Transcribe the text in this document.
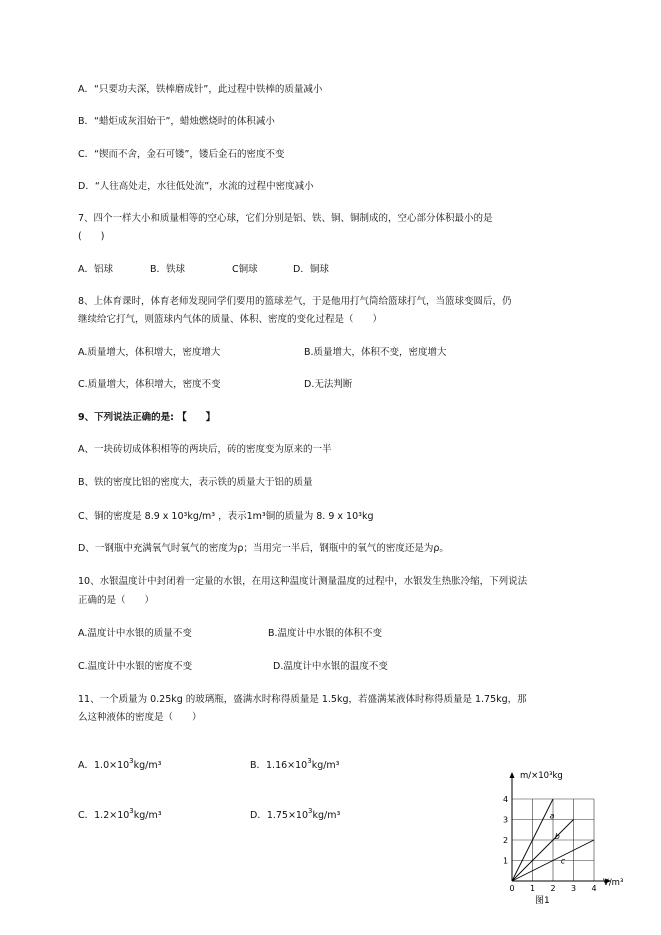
A．“只要功夫深，铁棒磨成针”，此过程中铁棒的质量减小
B．“蜡炬成灰泪始干”，蜡烛燃烧时的体积减小
C．“锲而不舍，金石可镂”，镂后金石的密度不变
D．“人往高处走，水往低处流”，水流的过程中密度减小
7、四个一样大小和质量相等的空心球，它们分别是铝、铁、铜、铜制成的，空心部分体积最小的是
(　　)
A．铝球	B．铁球	C铜球	D．铜球
8、上体育课时，体育老师发现同学们要用的篮球差气，于是他用打气筒给篮球打气，当篮球变圆后，仍
继续给它打气，则篮球内气体的质量、体积、密度的变化过程是（　　）
A.质量增大，体积增大，密度增大	B.质量增大，体积不变，密度增大
C.质量增大，体积增大，密度不变	D.无法判断
9、下列说法正确的是: 【　　】
A、一块砖切成体积相等的两块后，砖的密度变为原来的一半
B、铁的密度比铝的密度大，表示铁的质量大于铝的质量
C、铜的密度是 8.9 x 10³kg/m³ ，表示1m³铜的质量为 8. 9 x 10³kg
D、一钢瓶中充满氧气时氧气的密度为ρ；当用完一半后，钢瓶中的氧气的密度还是为ρ。
10、水银温度计中封闭着一定量的水银，在用这种温度计测量温度的过程中，水银发生热胀冷缩，下列说法
正确的是（　　）
A.温度计中水银的质量不变	B.温度计中水银的体积不变
C.温度计中水银的密度不变	D.温度计中水银的温度不变
11、一个质量为 0.25kg 的玻璃瓶，盛满水时称得质量是 1.5kg，若盛满某液体时称得质量是 1.75kg，那
么这种液体的密度是（　　）
A．$1.0\times 10^3kg/m^3$	B．$1.16\times 10^3kg/m^3$
C．$1.2\times 10^3kg/m^3$	D．$1.75\times 10^3kg/m^3$	a
b
c
0 1 2 3 4
1
2
3
4
m/×10³kg
V/m³
图1
